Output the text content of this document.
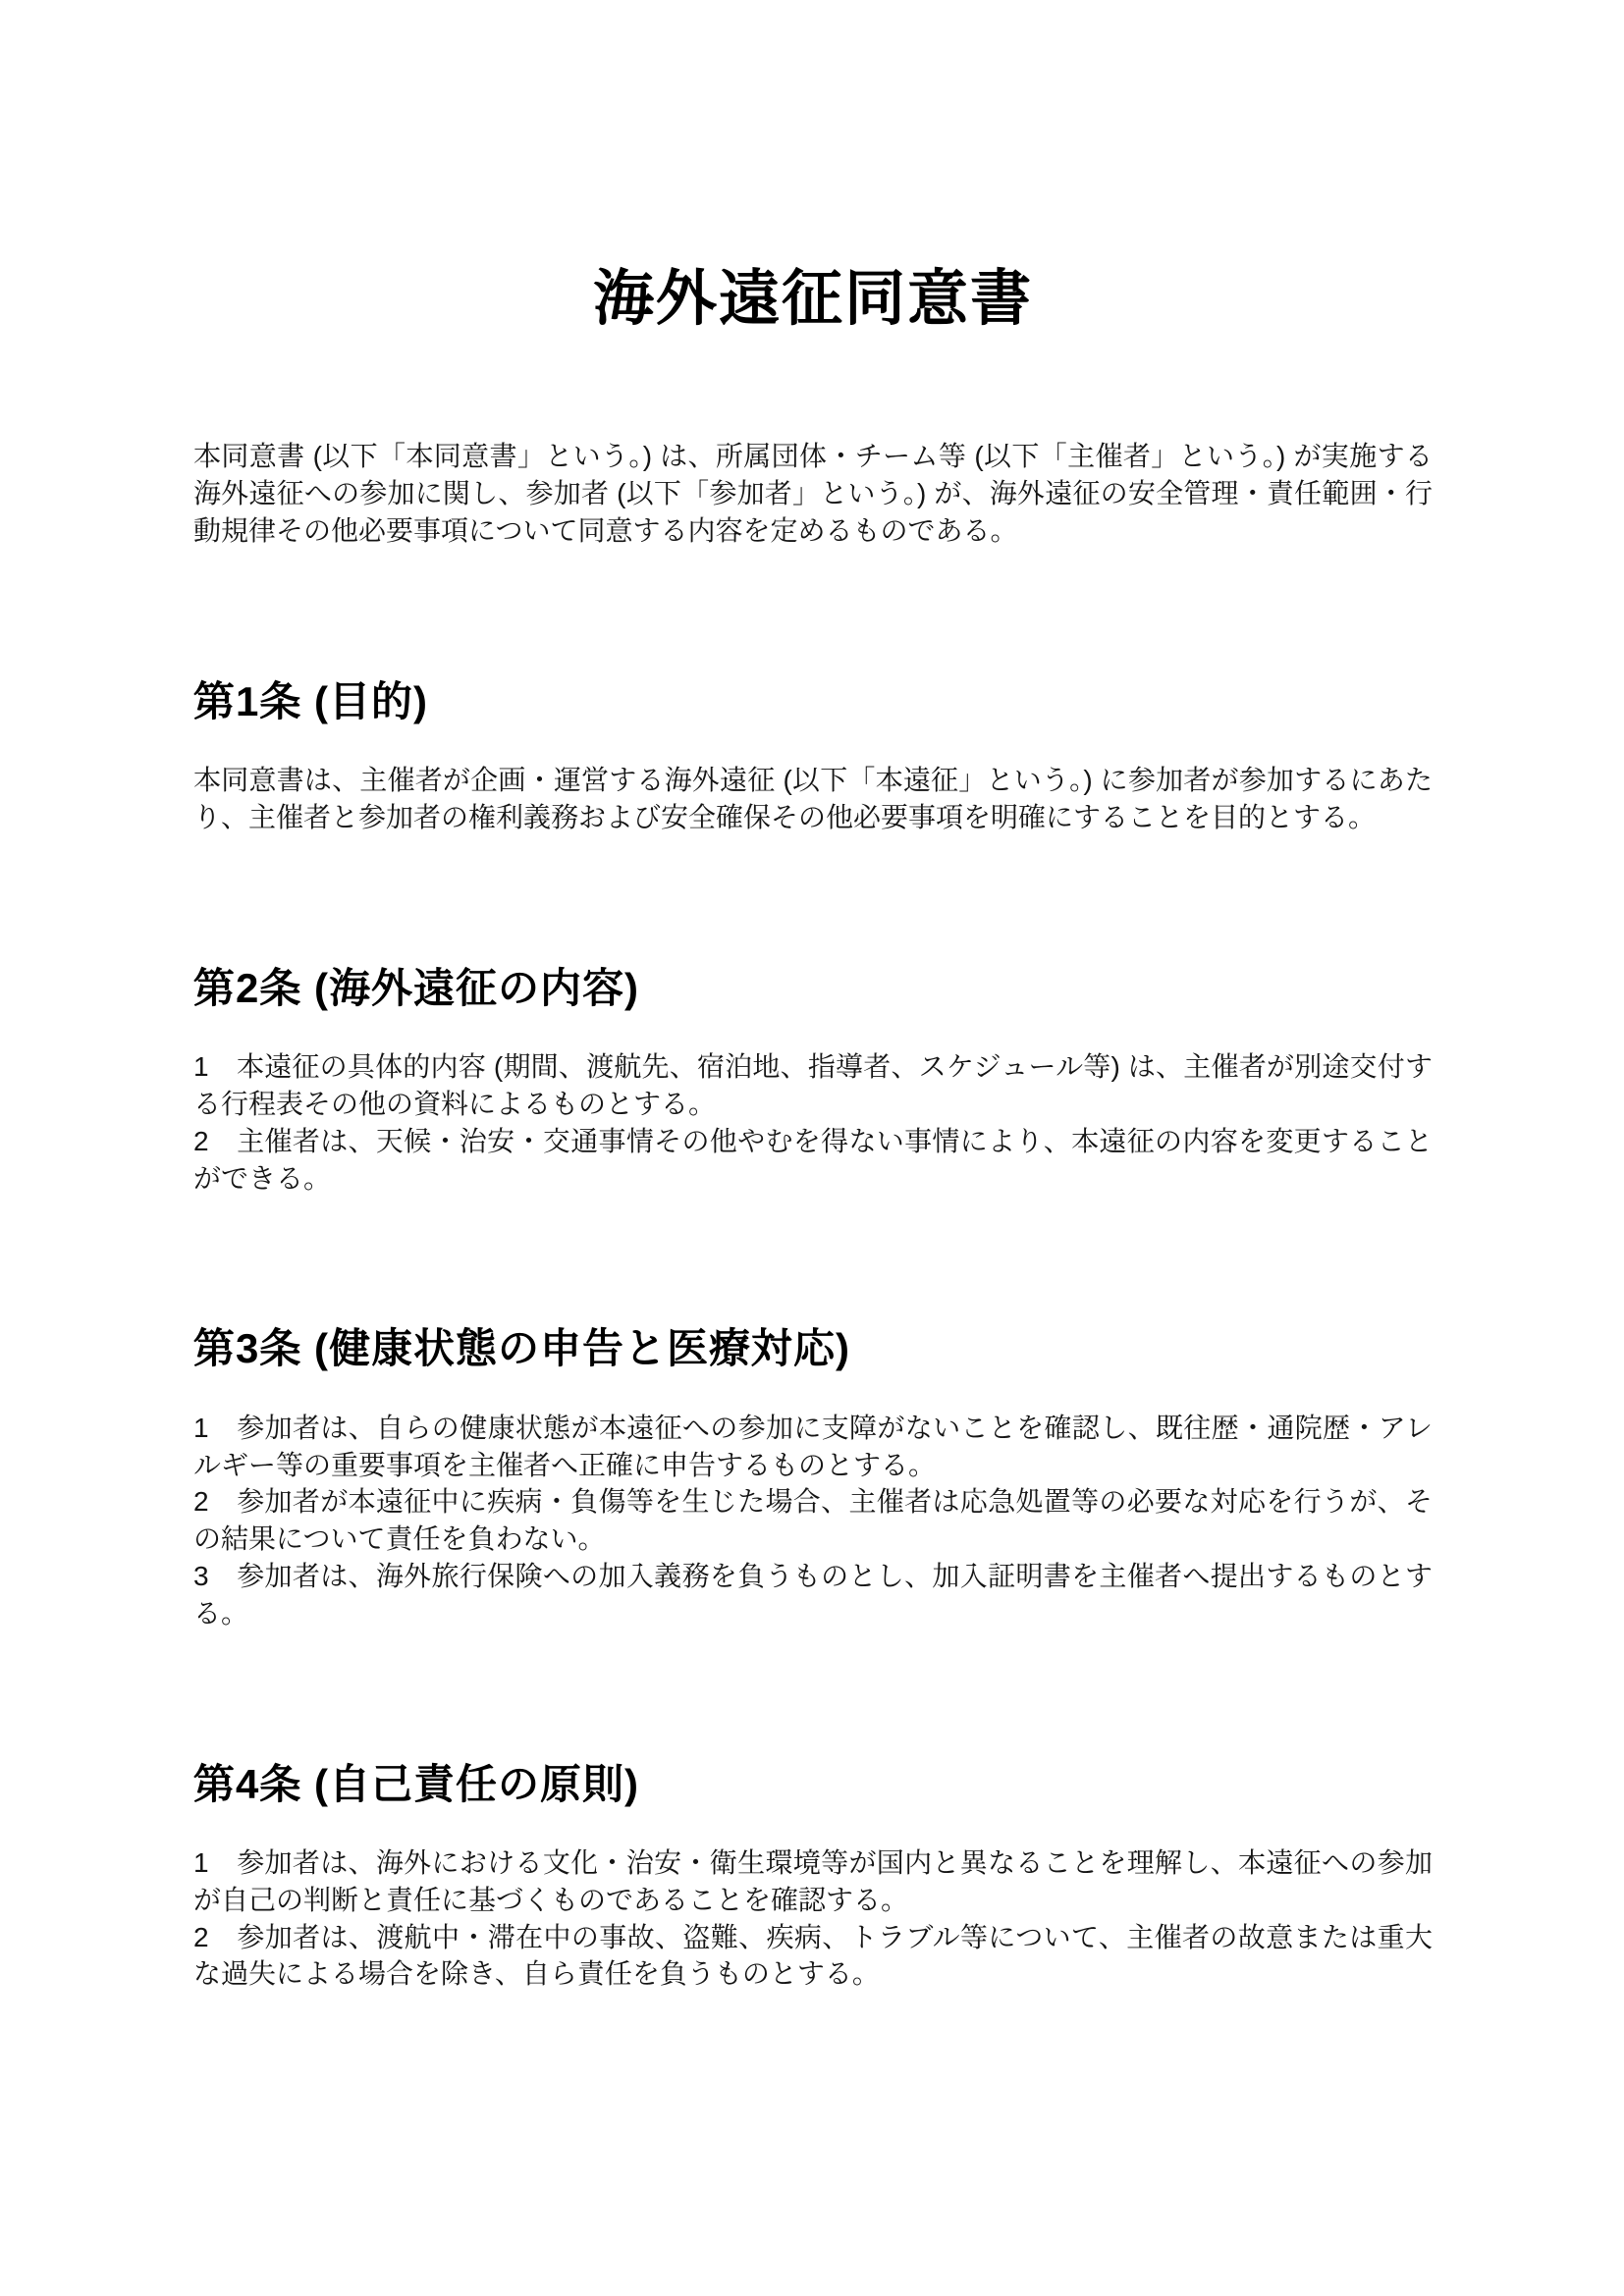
海外遠征同意書

本同意書 (以下「本同意書」という。) は、所属団体・チーム等 (以下「主催者」という。) が実施する海外遠征への参加に関し、参加者 (以下「参加者」という。) が、海外遠征の安全管理・責任範囲・行動規律その他必要事項について同意する内容を定めるものである。

第1条 (目的)

本同意書は、主催者が企画・運営する海外遠征 (以下「本遠征」という。) に参加者が参加するにあたり、主催者と参加者の権利義務および安全確保その他必要事項を明確にすることを目的とする。

第2条 (海外遠征の内容)

1　本遠征の具体的内容 (期間、渡航先、宿泊地、指導者、スケジュール等) は、主催者が別途交付する行程表その他の資料によるものとする。

2　主催者は、天候・治安・交通事情その他やむを得ない事情により、本遠征の内容を変更することができる。

第3条 (健康状態の申告と医療対応)

1　参加者は、自らの健康状態が本遠征への参加に支障がないことを確認し、既往歴・通院歴・アレルギー等の重要事項を主催者へ正確に申告するものとする。

2　参加者が本遠征中に疾病・負傷等を生じた場合、主催者は応急処置等の必要な対応を行うが、その結果について責任を負わない。

3　参加者は、海外旅行保険への加入義務を負うものとし、加入証明書を主催者へ提出するものとする。

第4条 (自己責任の原則)

1　参加者は、海外における文化・治安・衛生環境等が国内と異なることを理解し、本遠征への参加が自己の判断と責任に基づくものであることを確認する。

2　参加者は、渡航中・滞在中の事故、盗難、疾病、トラブル等について、主催者の故意または重大な過失による場合を除き、自ら責任を負うものとする。
